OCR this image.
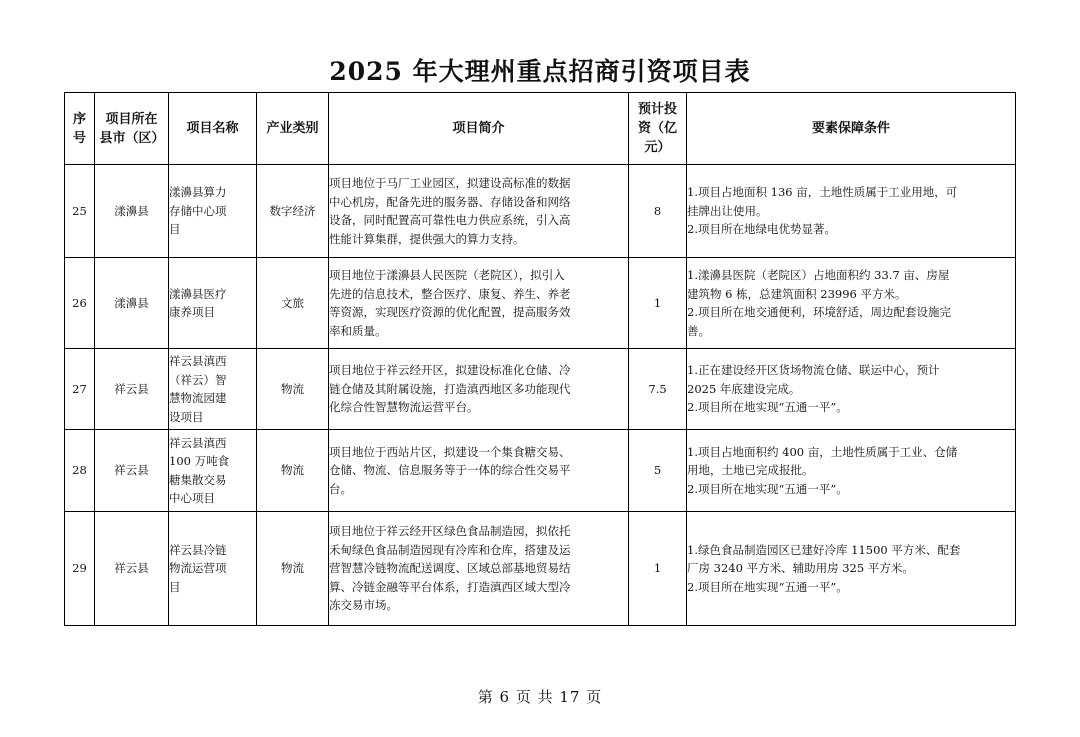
2025 年大理州重点招商引资项目表
序号	项目所在县市（区）	项目名称	产业类别	项目简介	预计投资（亿元）	要素保障条件
25	漾濞县	漾濞县算力
存储中心项
目	数字经济	项目地位于马厂工业园区，拟建设高标准的数据
中心机房，配备先进的服务器、存储设备和网络
设备，同时配置高可靠性电力供应系统，引入高
性能计算集群，提供强大的算力支持。	8	1.项目占地面积 136 亩，土地性质属于工业用地，可
挂牌出让使用。
2.项目所在地绿电优势显著。

26	漾濞县	漾濞县医疗
康养项目	文旅	项目地位于漾濞县人民医院（老院区），拟引入
先进的信息技术，整合医疗、康复、养生、养老
等资源，实现医疗资源的优化配置，提高服务效
率和质量。	1	1.漾濞县医院（老院区）占地面积约 33.7 亩、房屋
建筑物 6 栋，总建筑面积 23996 平方米。
2.项目所在地交通便利，环境舒适，周边配套设施完
善。

27	祥云县	祥云县滇西
（祥云）智
慧物流园建
设项目	物流	项目地位于祥云经开区，拟建设标准化仓储、冷
链仓储及其附属设施，打造滇西地区多功能现代
化综合性智慧物流运营平台。	7.5	1.正在建设经开区货场物流仓储、联运中心，预计
2025 年底建设完成。
2.项目所在地实现“五通一平”。

28	祥云县	祥云县滇西
100 万吨食
糖集散交易
中心项目	物流	项目地位于西站片区，拟建设一个集食糖交易、
仓储、物流、信息服务等于一体的综合性交易平
台。	5	1.项目占地面积约 400 亩，土地性质属于工业、仓储
用地，土地已完成报批。
2.项目所在地实现“五通一平”。

29	祥云县	祥云县冷链
物流运营项
目	物流	项目地位于祥云经开区绿色食品制造园，拟依托
禾甸绿色食品制造园现有冷库和仓库，搭建及运
营智慧冷链物流配送调度、区域总部基地贸易结
算、冷链金融等平台体系，打造滇西区域大型冷
冻交易市场。	1	1.绿色食品制造园区已建好冷库 11500 平方米、配套
厂房 3240 平方米、辅助用房 325 平方米。
2.项目所在地实现“五通一平”。
第 6 页 共 17 页
